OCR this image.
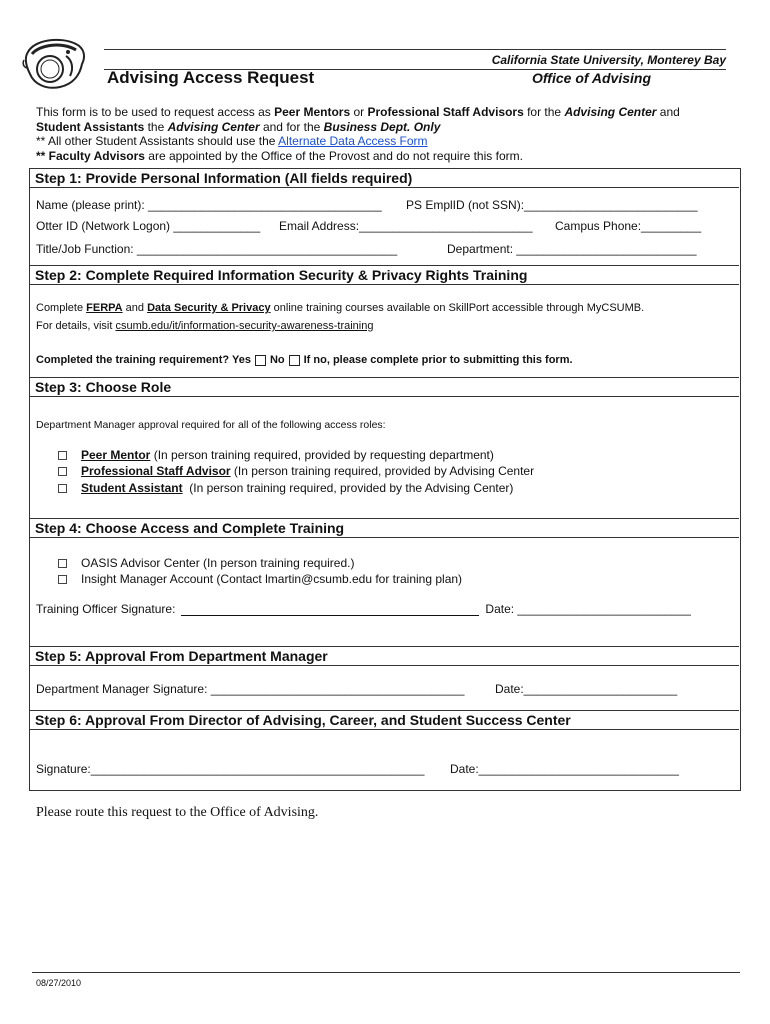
California State University, Monterey Bay
Advising Access Request	Office of Advising
This form is to be used to request access as Peer Mentors or Professional Staff Advisors for the Advising Center and
Student Assistants the Advising Center and for the Business Dept. Only
** All other Student Assistants should use the Alternate Data Access Form
** Faculty Advisors are appointed by the Office of the Provost and do not require this form.
Step 1: Provide Personal Information (All fields required)
Name (please print): ___________________________________ PS EmplID (not SSN):__________________________
Otter ID (Network Logon) _____________ Email Address:__________________________ Campus Phone:_________
Title/Job Function: _______________________________________	Department: ___________________________
Step 2: Complete Required Information Security & Privacy Rights Training
Complete FERPA and Data Security & Privacy online training courses available on SkillPort accessible through MyCSUMB.
For details, visit csumb.edu/it/information-security-awareness-training
Completed the training requirement? Yes No If no, please complete prior to submitting this form.
Step 3: Choose Role
Department Manager approval required for all of the following access roles:
Peer Mentor (In person training required, provided by requesting department)
Professional Staff Advisor (In person training required, provided by Advising Center
Student Assistant  (In person training required, provided by the Advising Center)
Step 4: Choose Access and Complete Training
OASIS Advisor Center (In person training required.)
Insight Manager Account (Contact lmartin@csumb.edu for training plan)
Training Officer Signature:	Date: __________________________
Step 5: Approval From Department Manager
Department Manager Signature: ______________________________________	Date:_______________________
Step 6: Approval From Director of Advising, Career, and Student Success Center
Signature:__________________________________________________ Date:______________________________
Please route this request to the Office of Advising.
08/27/2010
